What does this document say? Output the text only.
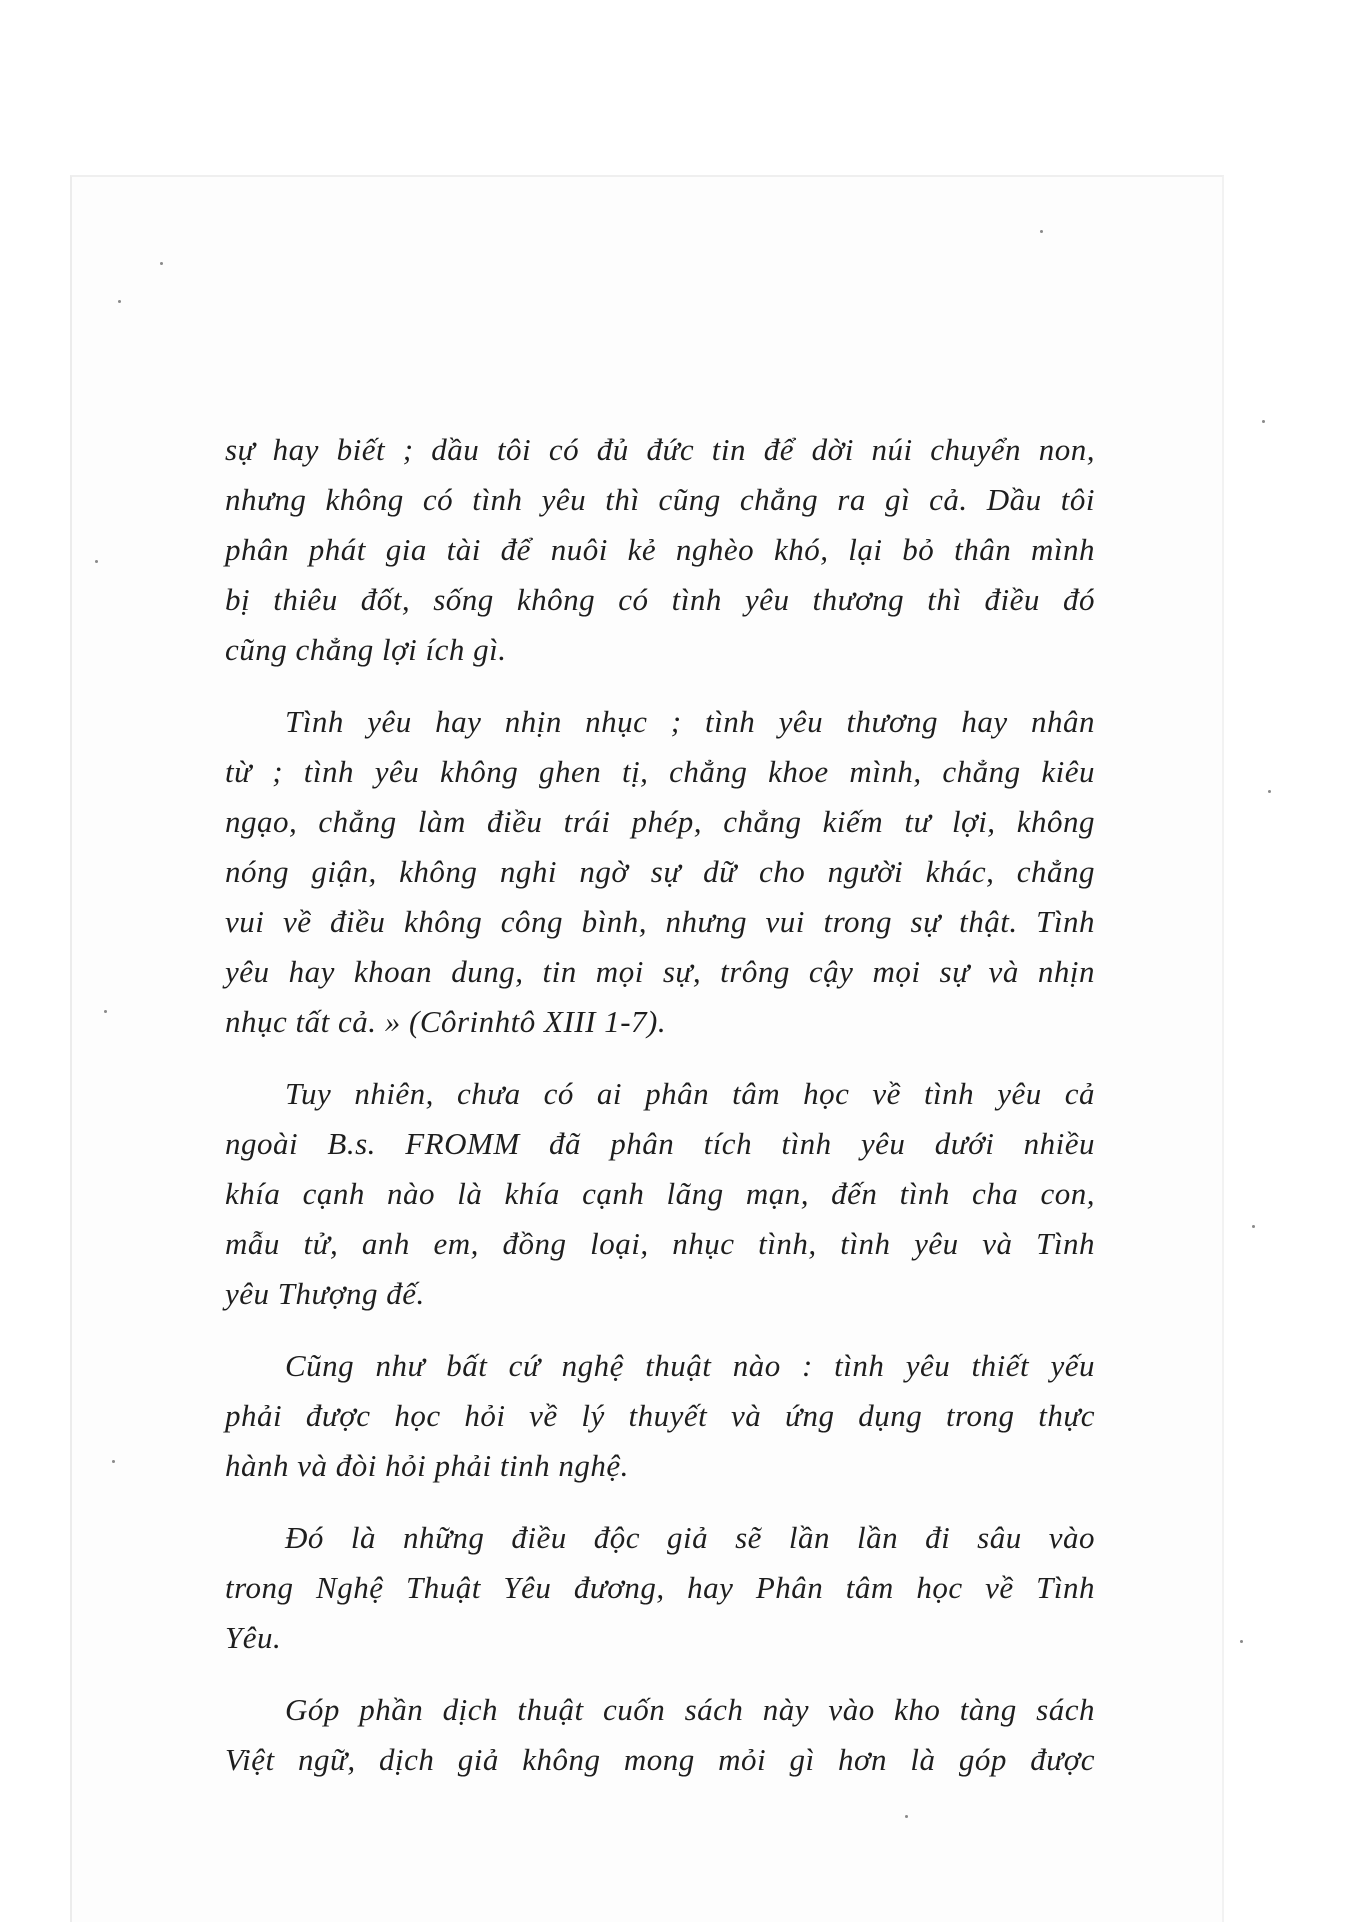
sự hay biết ; dầu tôi có đủ đức tin để dời núi chuyển non,
nhưng không có tình yêu thì cũng chẳng ra gì cả. Dầu tôi
phân phát gia tài để nuôi kẻ nghèo khó, lại bỏ thân mình
bị thiêu đốt, sống không có tình yêu thương thì điều đó
cũng chẳng lợi ích gì.

Tình yêu hay nhịn nhục ; tình yêu thương hay nhân
từ ; tình yêu không ghen tị, chẳng khoe mình, chẳng kiêu
ngạo, chẳng làm điều trái phép, chẳng kiếm tư lợi, không
nóng giận, không nghi ngờ sự dữ cho người khác, chẳng
vui về điều không công bình, nhưng vui trong sự thật. Tình
yêu hay khoan dung, tin mọi sự, trông cậy mọi sự và nhịn
nhục tất cả. » (Côrinhtô XIII 1-7).

Tuy nhiên, chưa có ai phân tâm học về tình yêu cả
ngoài B.s. FROMM đã phân tích tình yêu dưới nhiều
khía cạnh nào là khía cạnh lãng mạn, đến tình cha con,
mẫu tử, anh em, đồng loại, nhục tình, tình yêu và Tình
yêu Thượng đế.

Cũng như bất cứ nghệ thuật nào : tình yêu thiết yếu
phải được học hỏi về lý thuyết và ứng dụng trong thực
hành và đòi hỏi phải tinh nghệ.

Đó là những điều độc giả sẽ lần lần đi sâu vào
trong Nghệ Thuật Yêu đương, hay Phân tâm học về Tình
Yêu.

Góp phần dịch thuật cuốn sách này vào kho tàng sách
Việt ngữ, dịch giả không mong mỏi gì hơn là góp được
